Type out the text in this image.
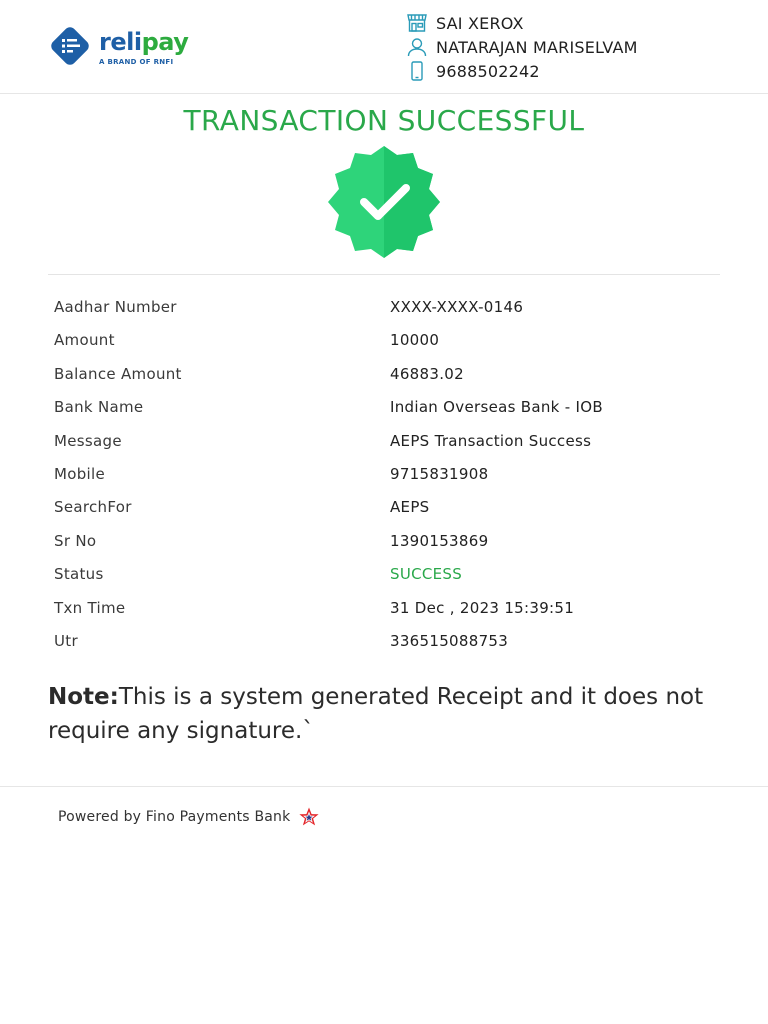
relipay
A BRAND OF RNFI
SAI XEROX
NATARAJAN MARISELVAM
9688502242
TRANSACTION SUCCESSFUL
Aadhar Number	XXXX-XXXX-0146
Amount	10000
Balance Amount	46883.02
Bank Name	Indian Overseas Bank - IOB
Message	AEPS Transaction Success
Mobile	9715831908
SearchFor	AEPS
Sr No	1390153869
Status	SUCCESS
Txn Time	31 Dec , 2023 15:39:51
Utr	336515088753
Note:This is a system generated Receipt and it does not require any signature.`
Powered by Fino Payments Bank
